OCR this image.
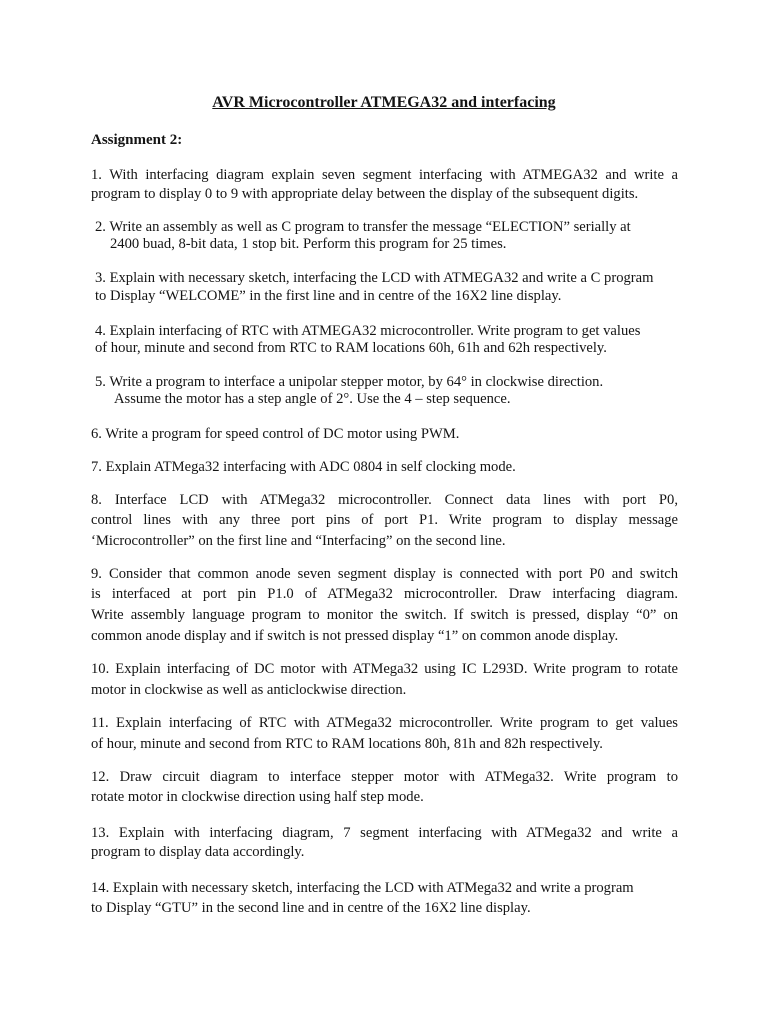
AVR Microcontroller ATMEGA32 and interfacing
Assignment 2:
1. With interfacing diagram explain seven segment interfacing with ATMEGA32 and write a
program to display 0 to 9 with appropriate delay between the display of the subsequent digits.
2. Write an assembly as well as C program to transfer the message “ELECTION” serially at
2400 buad, 8-bit data, 1 stop bit. Perform this program for 25 times.
3. Explain with necessary sketch, interfacing the LCD with ATMEGA32 and write a C program
to Display “WELCOME” in the first line and in centre of the 16X2 line display.
4. Explain interfacing of RTC with ATMEGA32 microcontroller. Write program to get values
of hour, minute and second from RTC to RAM locations 60h, 61h and 62h respectively.
5. Write a program to interface a unipolar stepper motor, by 64° in clockwise direction.
Assume the motor has a step angle of 2°. Use the 4 – step sequence.
6. Write a program for speed control of DC motor using PWM.
7. Explain ATMega32 interfacing with ADC 0804 in self clocking mode.
8. Interface LCD with ATMega32 microcontroller. Connect data lines with port P0,
control lines with any three port pins of port P1. Write program to display message
‘Microcontroller” on the first line and “Interfacing” on the second line.
9. Consider that common anode seven segment display is connected with port P0 and switch
is interfaced at port pin P1.0 of ATMega32 microcontroller. Draw interfacing diagram.
Write assembly language program to monitor the switch. If switch is pressed, display “0” on
common anode display and if switch is not pressed display “1” on common anode display.
10. Explain interfacing of DC motor with ATMega32 using IC L293D. Write program to rotate
motor in clockwise as well as anticlockwise direction.
11. Explain interfacing of RTC with ATMega32 microcontroller. Write program to get values
of hour, minute and second from RTC to RAM locations 80h, 81h and 82h respectively.
12. Draw circuit diagram to interface stepper motor with ATMega32. Write program to
rotate motor in clockwise direction using half step mode.
13. Explain with interfacing diagram, 7 segment interfacing with ATMega32 and write a
program to display data accordingly.
14. Explain with necessary sketch, interfacing the LCD with ATMega32 and write a program
to Display “GTU” in the second line and in centre of the 16X2 line display.
